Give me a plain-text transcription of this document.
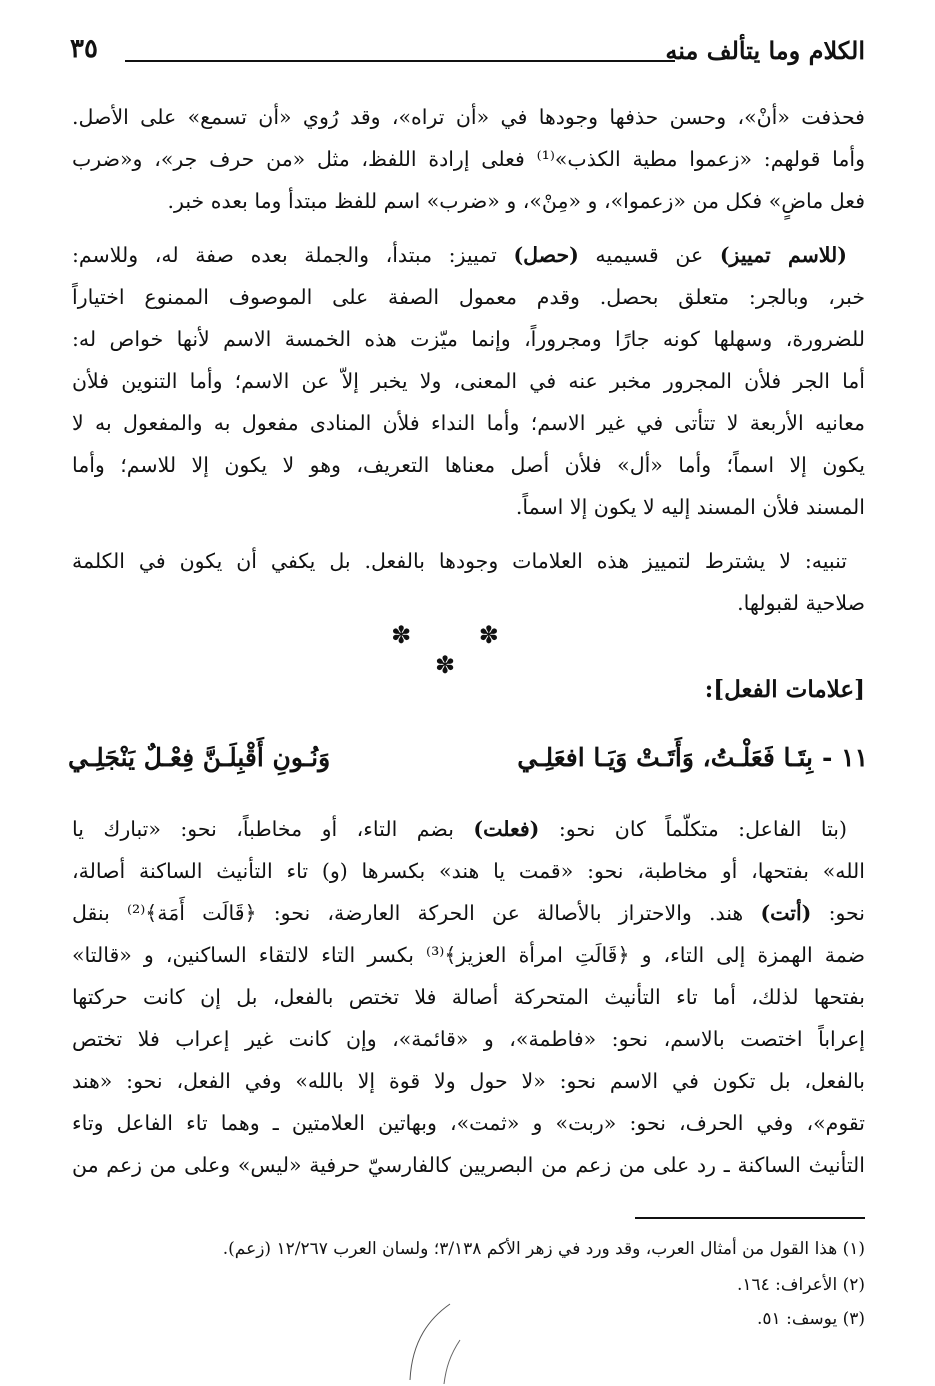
الكلام وما يتألف منه
٣٥
فحذفت «أنْ»، وحسن حذفها وجودها في «أن تراه»، وقد رُوي «أن تسمع» على الأصل.
وأما قولهم: «زعموا مطية الكذب»⁽¹⁾ فعلى إرادة اللفظ، مثل «من حرف جر»، و«ضرب
فعل ماضٍ» فكل من «زعموا»، و «مِنْ»، و «ضرب» اسم للفظ مبتدأ وما بعده خبر.
(للاسم تمييز) عن قسيميه (حصل) تمييز: مبتدأ، والجملة بعده صفة له، وللاسم:
خبر، وبالجر: متعلق بحصل. وقدم معمول الصفة على الموصوف الممنوع اختياراً
للضرورة، وسهلها كونه جارًا ومجروراً، وإنما ميّزت هذه الخمسة الاسم لأنها خواص له:
أما الجر فلأن المجرور مخبر عنه في المعنى، ولا يخبر إلاّ عن الاسم؛ وأما التنوين فلأن
معانيه الأربعة لا تتأتى في غير الاسم؛ وأما النداء فلأن المنادى مفعول به والمفعول به لا
يكون إلا اسماً؛ وأما «أل» فلأن أصل معناها التعريف، وهو لا يكون إلا للاسم؛ وأما
المسند فلأن المسند إليه لا يكون إلا اسماً.
تنبيه: لا يشترط لتمييز هذه العلامات وجودها بالفعل. بل يكفي أن يكون في الكلمة
صلاحية لقبولها.
✽ ✽ ✽
[علامات الفعل]:
١١ -
بِتَـا فَعَلْـتُ، وَأَتَـتْ وَيَـا افعَلِـي
وَنُـونِ أَقْبِلَـنَّ فِعْـلٌ يَنْجَلِـي
(بتا الفاعل: متكلّماً كان نحو: (فعلت) بضم التاء، أو مخاطباً، نحو: «تبارك يا
الله» بفتحها، أو مخاطبة، نحو: «قمت يا هند» بكسرها (و) تاء التأنيث الساكنة أصالة،
نحو: (أتت) هند. والاحتراز بالأصالة عن الحركة العارضة، نحو: ﴿قَالَت أَمَة﴾⁽²⁾ بنقل
ضمة الهمزة إلى التاء، و ﴿قَالَتِ امرأة العزيز﴾⁽³⁾ بكسر التاء لالتقاء الساكنين، و «قالتا»
بفتحها لذلك، أما تاء التأنيث المتحركة أصالة فلا تختص بالفعل، بل إن كانت حركتها
إعراباً اختصت بالاسم، نحو: «فاطمة»، و «قائمة»، وإن كانت غير إعراب فلا تختص
بالفعل، بل تكون في الاسم نحو: «لا حول ولا قوة إلا بالله» وفي الفعل، نحو: «هند
تقوم»، وفي الحرف، نحو: «ربت» و «ثمت»، وبهاتين العلامتين ـ وهما تاء الفاعل وتاء
التأنيث الساكنة ـ رد على من زعم من البصريين كالفارسيّ حرفية «ليس» وعلى من زعم من
(١) هذا القول من أمثال العرب، وقد ورد في زهر الأكم ٣/١٣٨؛ ولسان العرب ١٢/٢٦٧ (زعم).
(٢) الأعراف: ١٦٤.
(٣) يوسف: ٥١.
